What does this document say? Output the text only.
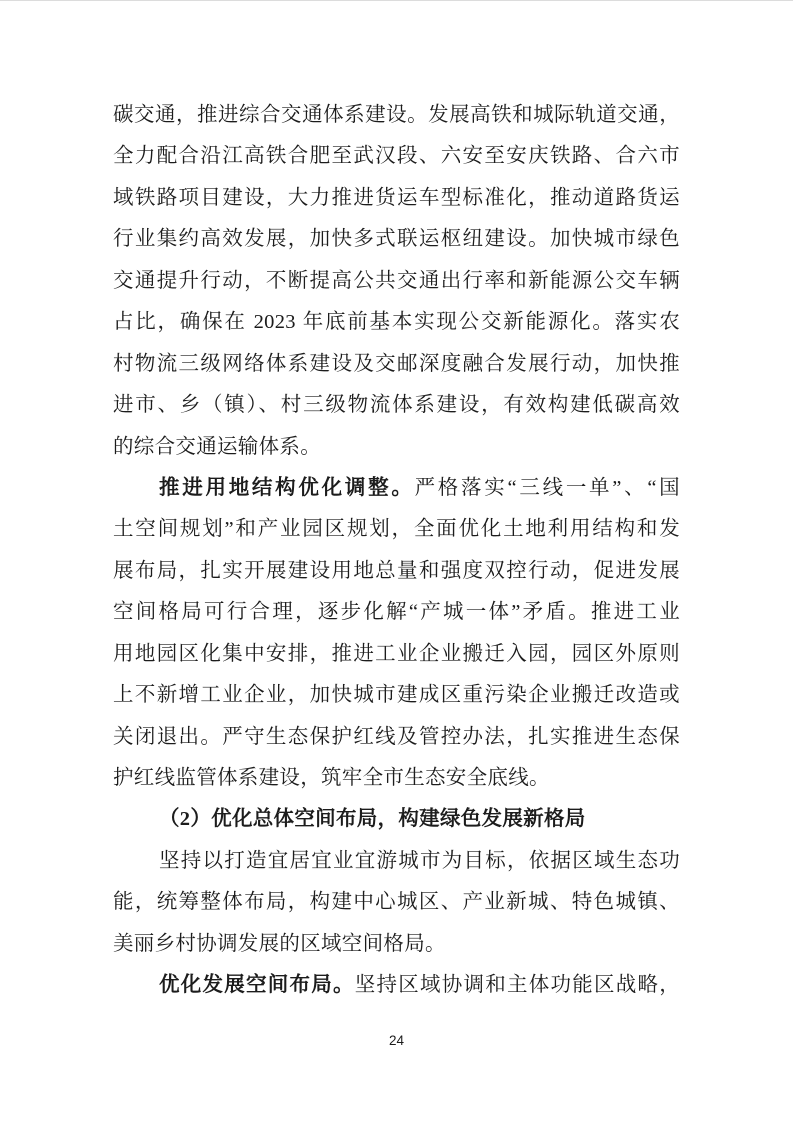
碳交通，推进综合交通体系建设。发展高铁和城际轨道交通，
全力配合沿江高铁合肥至武汉段、六安至安庆铁路、合六市
域铁路项目建设，大力推进货运车型标准化，推动道路货运
行业集约高效发展，加快多式联运枢纽建设。加快城市绿色
交通提升行动，不断提高公共交通出行率和新能源公交车辆
占比，确保在 2023 年底前基本实现公交新能源化。落实农
村物流三级网络体系建设及交邮深度融合发展行动，加快推
进市、乡（镇）、村三级物流体系建设，有效构建低碳高效
的综合交通运输体系。
推进用地结构优化调整。严格落实“三线一单”、“国
土空间规划”和产业园区规划，全面优化土地利用结构和发
展布局，扎实开展建设用地总量和强度双控行动，促进发展
空间格局可行合理，逐步化解“产城一体”矛盾。推进工业
用地园区化集中安排，推进工业企业搬迁入园，园区外原则
上不新增工业企业，加快城市建成区重污染企业搬迁改造或
关闭退出。严守生态保护红线及管控办法，扎实推进生态保
护红线监管体系建设，筑牢全市生态安全底线。
（2）优化总体空间布局，构建绿色发展新格局
坚持以打造宜居宜业宜游城市为目标，依据区域生态功
能，统筹整体布局，构建中心城区、产业新城、特色城镇、
美丽乡村协调发展的区域空间格局。
优化发展空间布局。坚持区域协调和主体功能区战略，
24
